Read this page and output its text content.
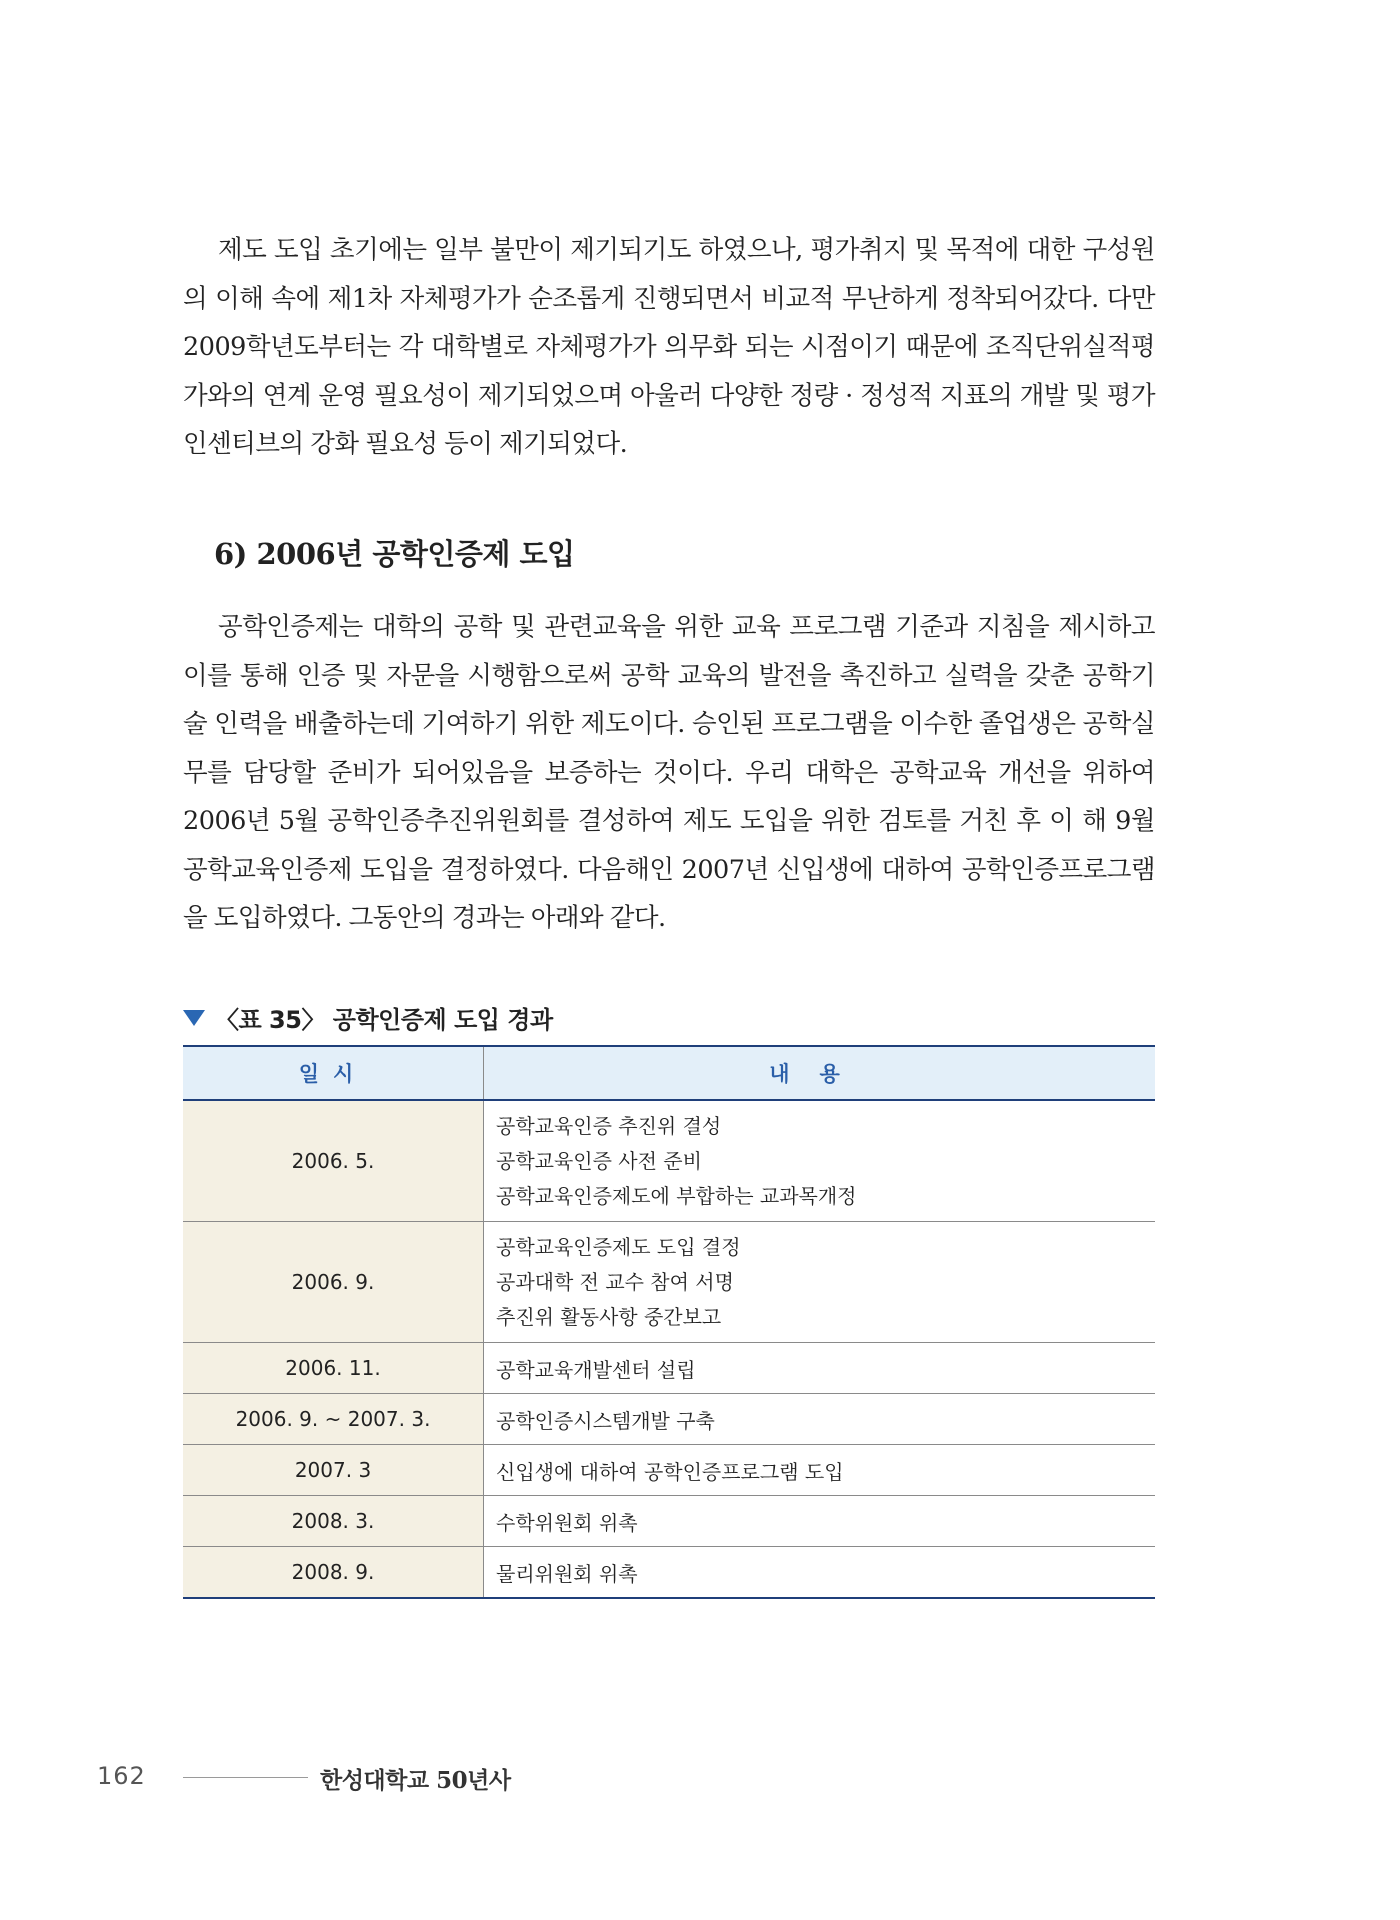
제도 도입 초기에는 일부 불만이 제기되기도 하였으나, 평가취지 및 목적에 대한 구성원의 이해 속에 제1차 자체평가가 순조롭게 진행되면서 비교적 무난하게 정착되어갔다. 다만 2009학년도부터는 각 대학별로 자체평가가 의무화 되는 시점이기 때문에 조직단위실적평가와의 연계 운영 필요성이 제기되었으며 아울러 다양한 정량 · 정성적 지표의 개발 및 평가 인센티브의 강화 필요성 등이 제기되었다.

6) 2006년 공학인증제 도입

공학인증제는 대학의 공학 및 관련교육을 위한 교육 프로그램 기준과 지침을 제시하고 이를 통해 인증 및 자문을 시행함으로써 공학 교육의 발전을 촉진하고 실력을 갖춘 공학기술 인력을 배출하는데 기여하기 위한 제도이다. 승인된 프로그램을 이수한 졸업생은 공학실무를 담당할 준비가 되어있음을 보증하는 것이다. 우리 대학은 공학교육 개선을 위하여 2006년 5월 공학인증추진위원회를 결성하여 제도 도입을 위한 검토를 거친 후 이 해 9월 공학교육인증제 도입을 결정하였다. 다음해인 2007년 신입생에 대하여 공학인증프로그램을 도입하였다. 그동안의 경과는 아래와 같다.

〈표 35〉 공학인증제 도입 경과
일시	내용
2006. 5.	공학교육인증 추진위 결성
공학교육인증 사전 준비
공학교육인증제도에 부합하는 교과목개정

2006. 9.	공학교육인증제도 도입 결정
공과대학 전 교수 참여 서명
추진위 활동사항 중간보고

2006. 11.	공학교육개발센터 설립
2006. 9. ~ 2007. 3.	공학인증시스템개발 구축
2007. 3	신입생에 대하여 공학인증프로그램 도입
2008. 3.	수학위원회 위촉
2008. 9.	물리위원회 위촉
162	한성대학교 50년사
